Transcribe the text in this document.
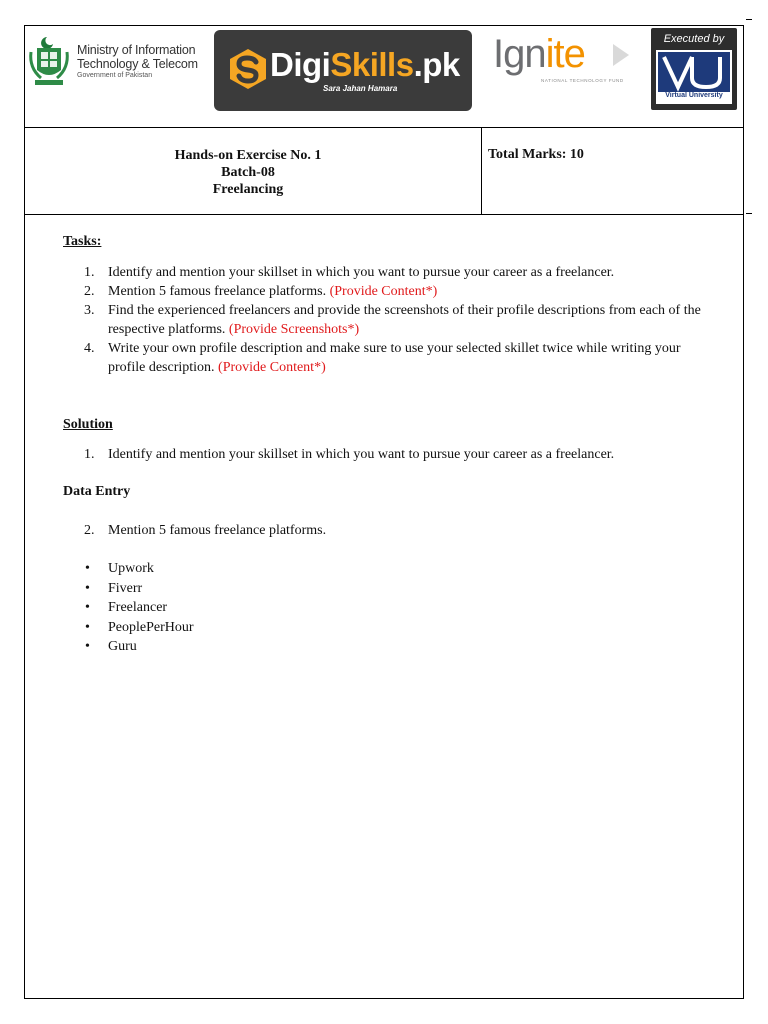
Ministry of Information
Technology & Telecom
Government of Pakistan	DigiSkills.pk
Sara Jahan Hamara
Ignite
NATIONAL TECHNOLOGY FUND
Executed by
Virtual University
Hands-on Exercise No. 1
Batch-08
Freelancing
Total Marks: 10
Tasks:
1. Identify and mention your skillset in which you want to pursue your career as a freelancer.
2. Mention 5 famous freelance platforms. (Provide Content*)
3. Find the experienced freelancers and provide the screenshots of their profile descriptions from each of the respective platforms. (Provide Screenshots*)
4. Write your own profile description and make sure to use your selected skillet twice while writing your profile description. (Provide Content*)
Solution
1. Identify and mention your skillset in which you want to pursue your career as a freelancer.
Data Entry
2. Mention 5 famous freelance platforms.
• Upwork
• Fiverr
• Freelancer
• PeoplePerHour
• Guru
